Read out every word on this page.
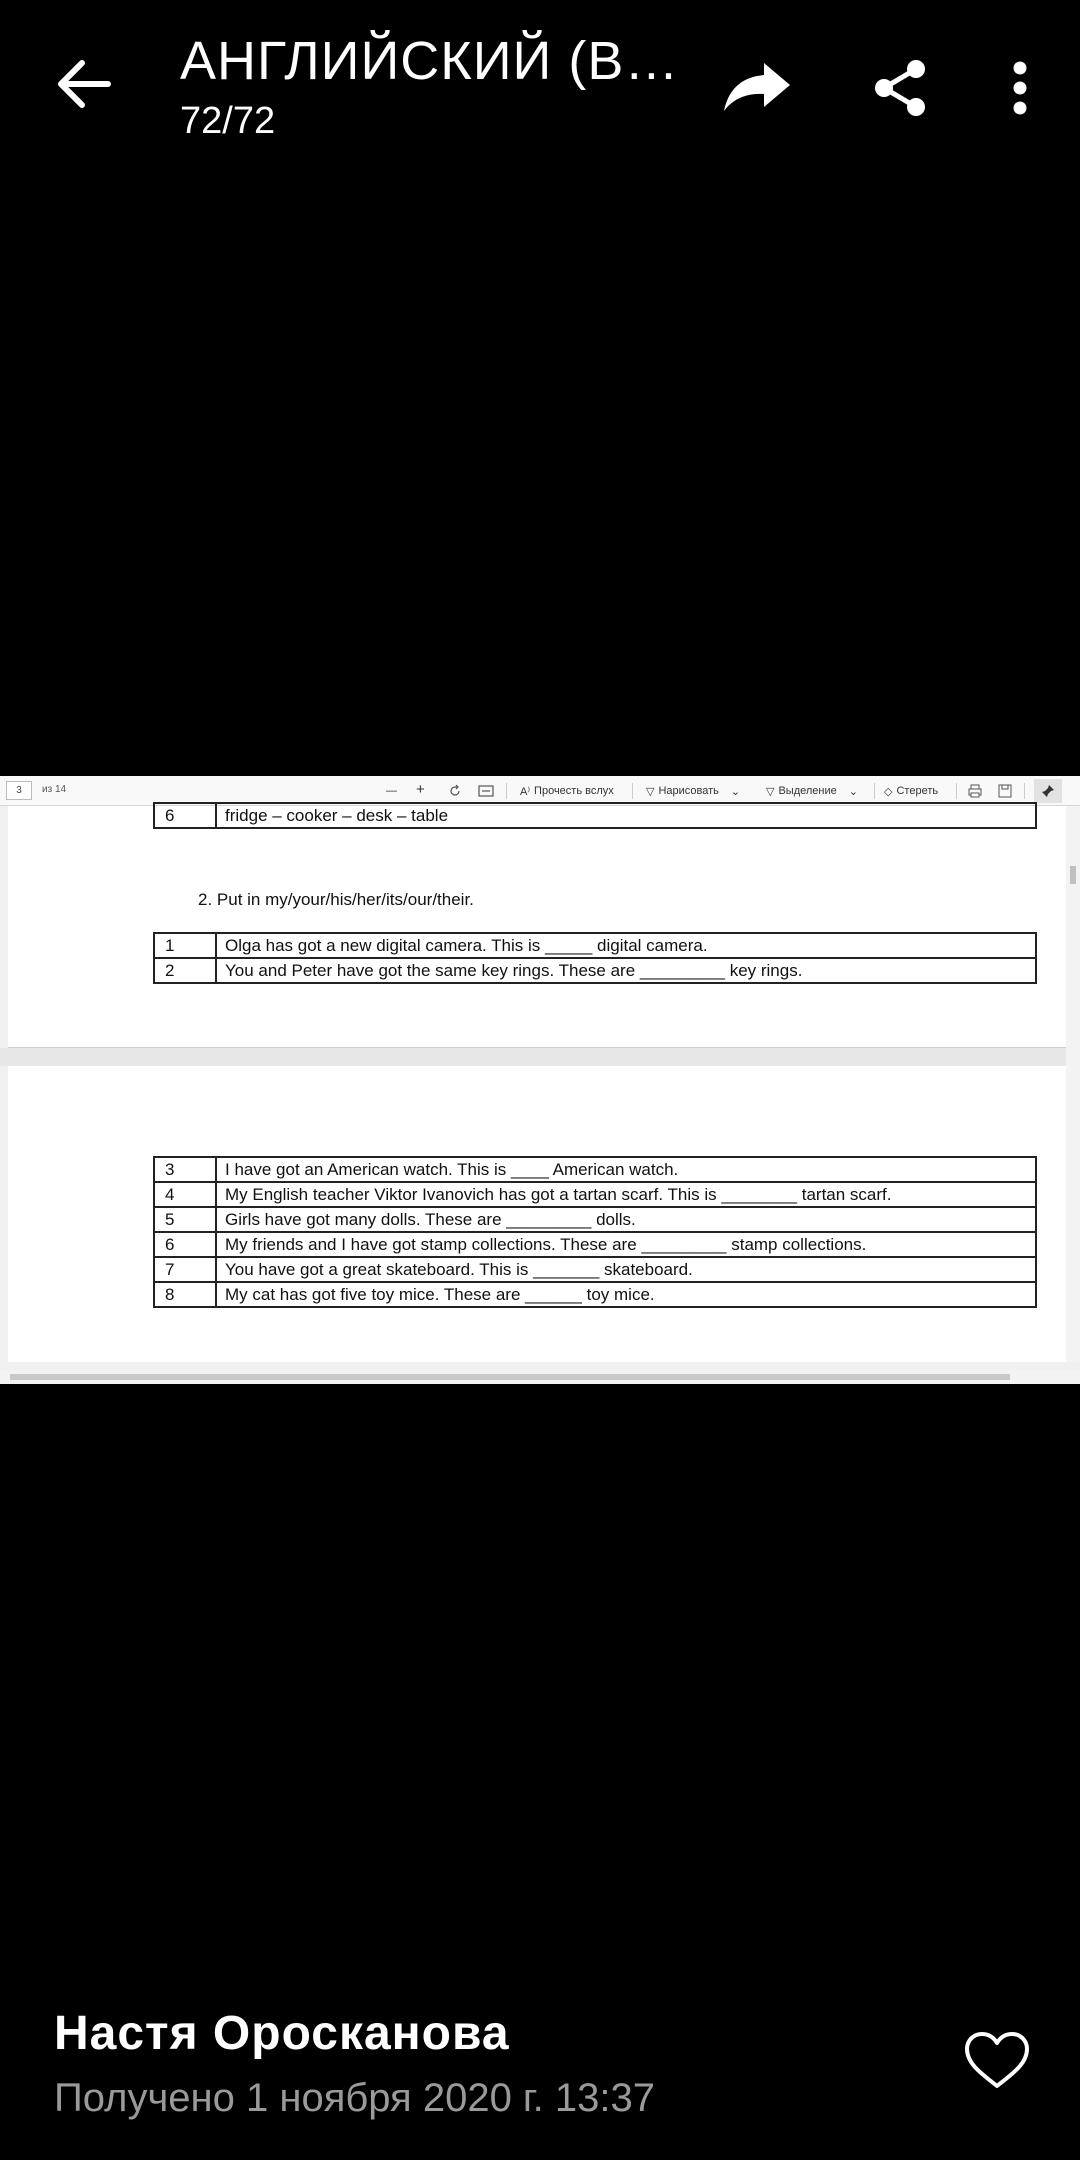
АНГЛИЙСКИЙ (В…
72/72
3	из 14	— +	A⁾ Прочесть вслух	▽ Нарисовать ⌄ ▽ Выделение ⌄ ◇ Стереть
6	fridge – cooker – desk – table
2. Put in my/your/his/her/its/our/their.
1	Olga has got a new digital camera. This is _____ digital camera.
2	You and Peter have got the same key rings. These are _________ key rings.
3	I have got an American watch. This is ____ American watch.
4	My English teacher Viktor Ivanovich has got a tartan scarf. This is ________ tartan scarf.
5	Girls have got many dolls. These are _________ dolls.
6	My friends and I have got stamp collections. These are _________ stamp collections.
7	You have got a great skateboard. This is _______ skateboard.
8	My cat has got five toy mice. These are ______ toy mice.
Настя Оросканова
Получено 1 ноября 2020 г. 13:37
